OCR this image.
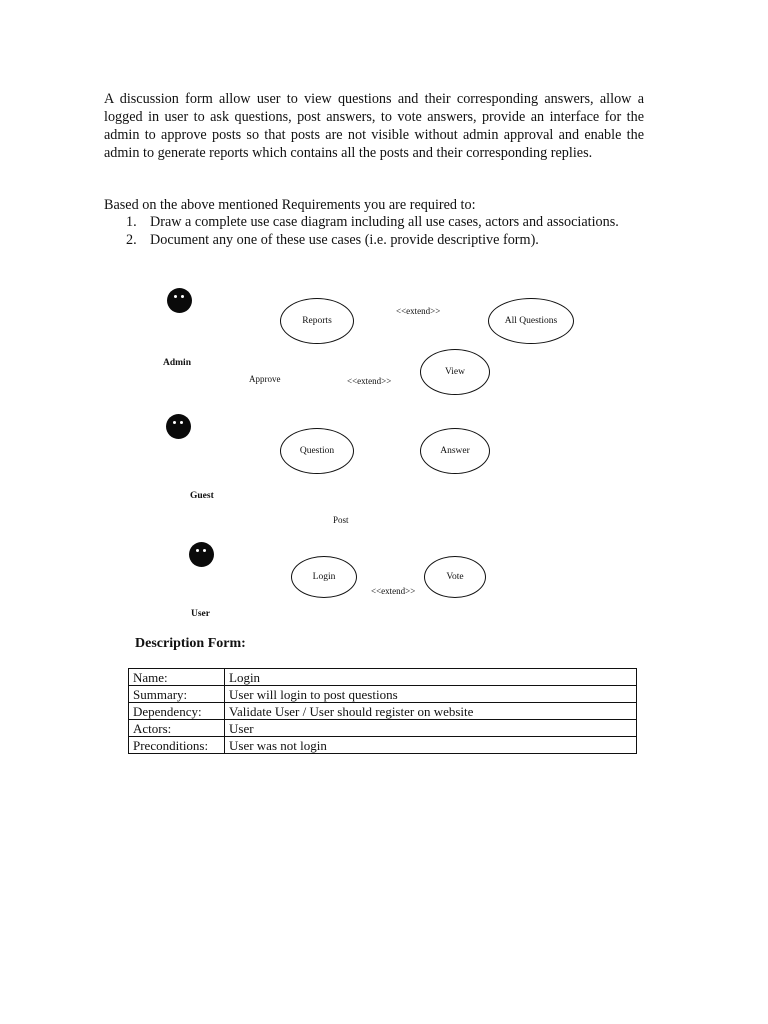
A discussion form allow user to view questions and their corresponding answers, allow a logged in user to ask questions, post answers, to vote answers, provide an interface for the admin to approve posts so that posts are not visible without admin approval and enable the admin to generate reports which contains all the posts and their corresponding replies.

Based on the above mentioned Requirements you are required to:

1. Draw a complete use case diagram including all use cases, actors and associations.
2. Document any one of these use cases (i.e. provide descriptive form).
Admin
Guest
User
Reports	All Questions
View
Question	Answer
Login	Vote
<<extend>>
Approve	<<extend>>
Post
<<extend>>

Description Form:

Name:	Login
Summary:	User will login to post questions
Dependency:	Validate User / User should register on website
Actors:	User
Preconditions:	User was not login
